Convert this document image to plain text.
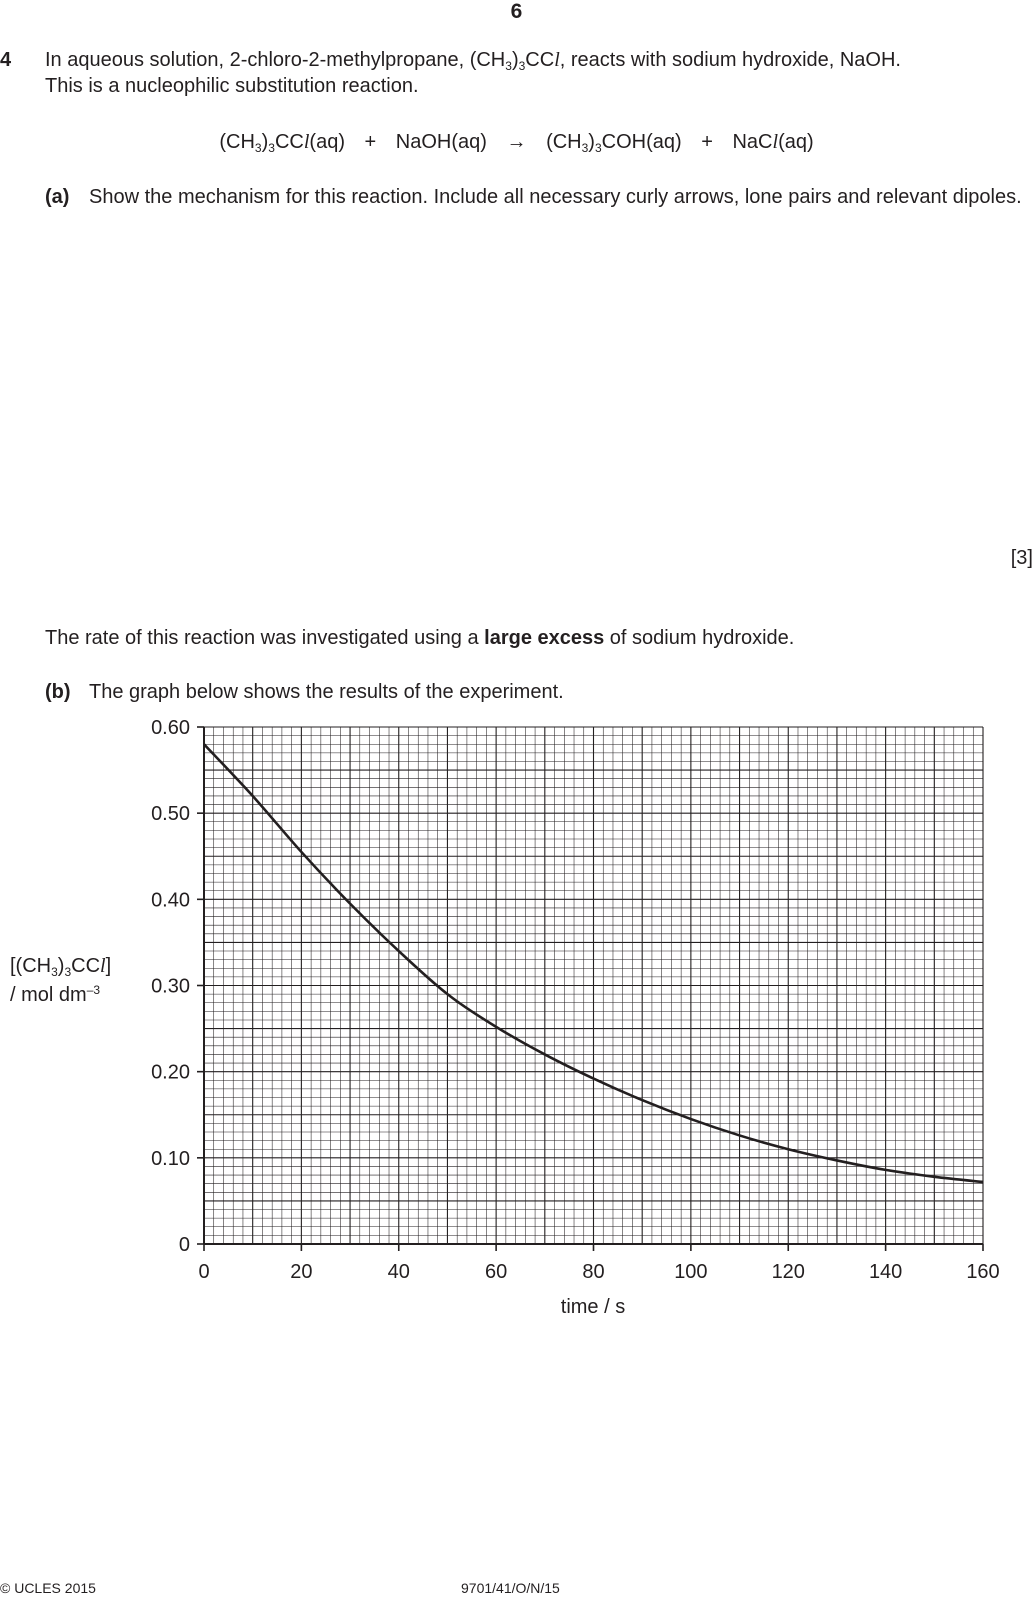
6
4 In aqueous solution, 2-chloro-2-methylpropane, $(CH_3)_3CCl$, reacts with sodium hydroxide, NaOH.
This is a nucleophilic substitution reaction.
$(CH_3)_3CCl(aq)$ + NaOH(aq) → $(CH_3)_3COH(aq)$ + NaCl(aq)
(a) Show the mechanism for this reaction. Include all necessary curly arrows, lone pairs and relevant dipoles.
[3]
The rate of this reaction was investigated using a large excess of sodium hydroxide.
(b) The graph below shows the results of the experiment.
$[(CH_3)_3CCl]$
/ mol $dm^{-3}$
0	20	40	60	80	100	120	140	160
0
0.10
0.20
0.30
0.40
0.50
0.60
time / s
© UCLES 2015	9701/41/O/N/15
